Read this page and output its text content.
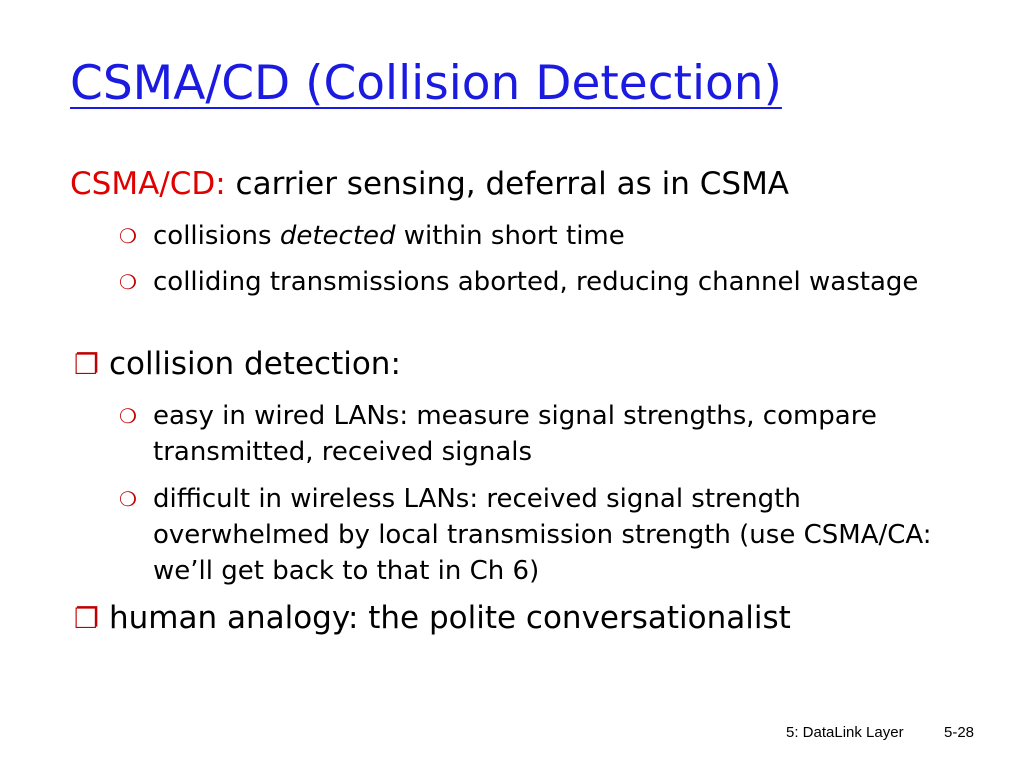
CSMA/CD (Collision Detection)
CSMA/CD: carrier sensing, deferral as in CSMA
❍ collisions detected within short time
❍ colliding transmissions aborted, reducing channel wastage
❐ collision detection:
❍ easy in wired LANs: measure signal strengths, compare transmitted, received signals
❍ difficult in wireless LANs: received signal strength overwhelmed by local transmission strength (use CSMA/CA: we’ll get back to that in Ch 6)
❐ human analogy: the polite conversationalist
5: DataLink Layer	5-28
